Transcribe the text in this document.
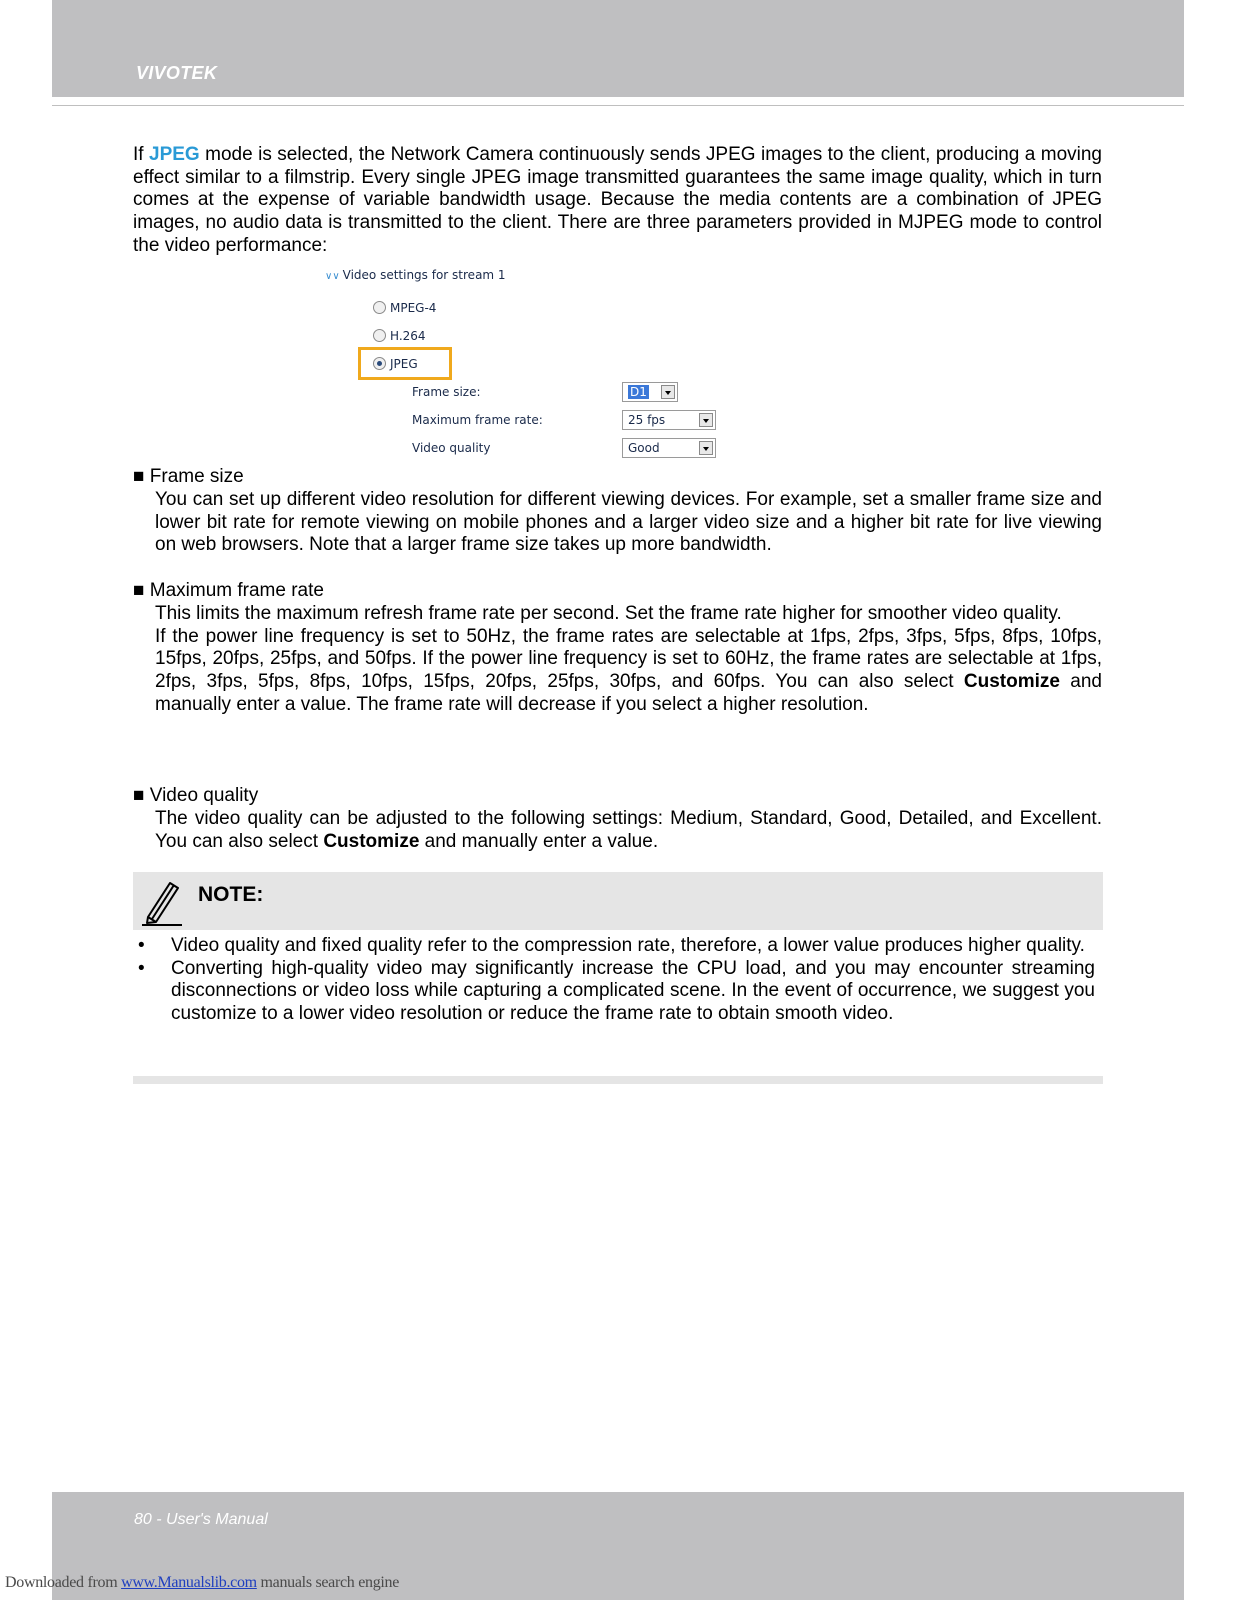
VIVOTEK
If JPEG mode is selected, the Network Camera continuously sends JPEG images to the client, producing a moving effect similar to a filmstrip. Every single JPEG image transmitted guarantees the same image quality, which in turn comes at the expense of variable bandwidth usage. Because the media contents are a combination of JPEG images, no audio data is transmitted to the client. There are three parameters provided in MJPEG mode to control the video performance:
∨∨ Video settings for stream 1
MPEG-4
H.264
JPEG
Frame size:	D1
Maximum frame rate:	25 fps
Video quality	Good
■ Frame size
You can set up different video resolution for different viewing devices. For example, set a smaller frame size and lower bit rate for remote viewing on mobile phones and a larger video size and a higher bit rate for live viewing on web browsers. Note that a larger frame size takes up more bandwidth.
■ Maximum frame rate
This limits the maximum refresh frame rate per second. Set the frame rate higher for smoother video quality.
If the power line frequency is set to 50Hz, the frame rates are selectable at 1fps, 2fps, 3fps, 5fps, 8fps, 10fps, 15fps, 20fps, 25fps, and 50fps. If the power line frequency is set to 60Hz, the frame rates are selectable at 1fps, 2fps, 3fps, 5fps, 8fps, 10fps, 15fps, 20fps, 25fps, 30fps, and 60fps. You can also select Customize and manually enter a value. The frame rate will decrease if you select a higher resolution.
■ Video quality
The video quality can be adjusted to the following settings: Medium, Standard, Good, Detailed, and Excellent. You can also select Customize and manually enter a value.
NOTE:
• Video quality and fixed quality refer to the compression rate, therefore, a lower value produces higher quality.
• Converting high-quality video may significantly increase the CPU load, and you may encounter streaming disconnections or video loss while capturing a complicated scene. In the event of occurrence, we suggest you customize to a lower video resolution or reduce the frame rate to obtain smooth video.
80 - User's Manual
Downloaded from www.Manualslib.com manuals search engine
